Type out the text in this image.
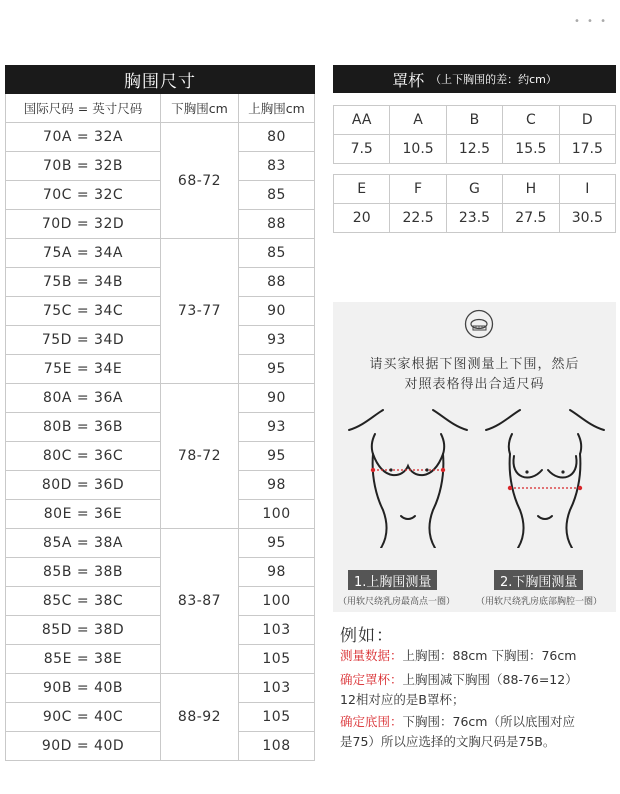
• • •
胸围尺寸		
国际尺码 = 英寸尺码	下胸围cm	上胸围cm
70A = 32A	68-72	80
70B = 32B		83
70C = 32C		85
70D = 32D		88
75A = 34A	73-77	85
75B = 34B		88
75C = 34C		90
75D = 34D		93
75E = 34E		95
80A = 36A	78-72	90
80B = 36B		93
80C = 36C		95
80D = 36D		98
80E = 36E		100
85A = 38A	83-87	95
85B = 38B		98
85C = 38C		100
85D = 38D		103
85E = 38E		105
90B = 40B	88-92	103
90C = 40C		105
90D = 40D		108
罩杯 （上下胸围的差：约cm）
AA	A	B	C	D
7.5	10.5	12.5	15.5	17.5
E	F	G	H	I
20	22.5	23.5	27.5	30.5
请买家根据下图测量上下围，然后
对照表格得出合适尺码
1.上胸围测量
（用软尺绕乳房最高点一圈）
2.下胸围测量
（用软尺绕乳房底部胸腔一圈）
例如：
测量数据：上胸围：88cm 下胸围：76cm
确定罩杯：上胸围减下胸围（88-76=12）
12相对应的是B罩杯；
确定底围：下胸围：76cm（所以底围对应
是75）所以应选择的文胸尺码是75B。
